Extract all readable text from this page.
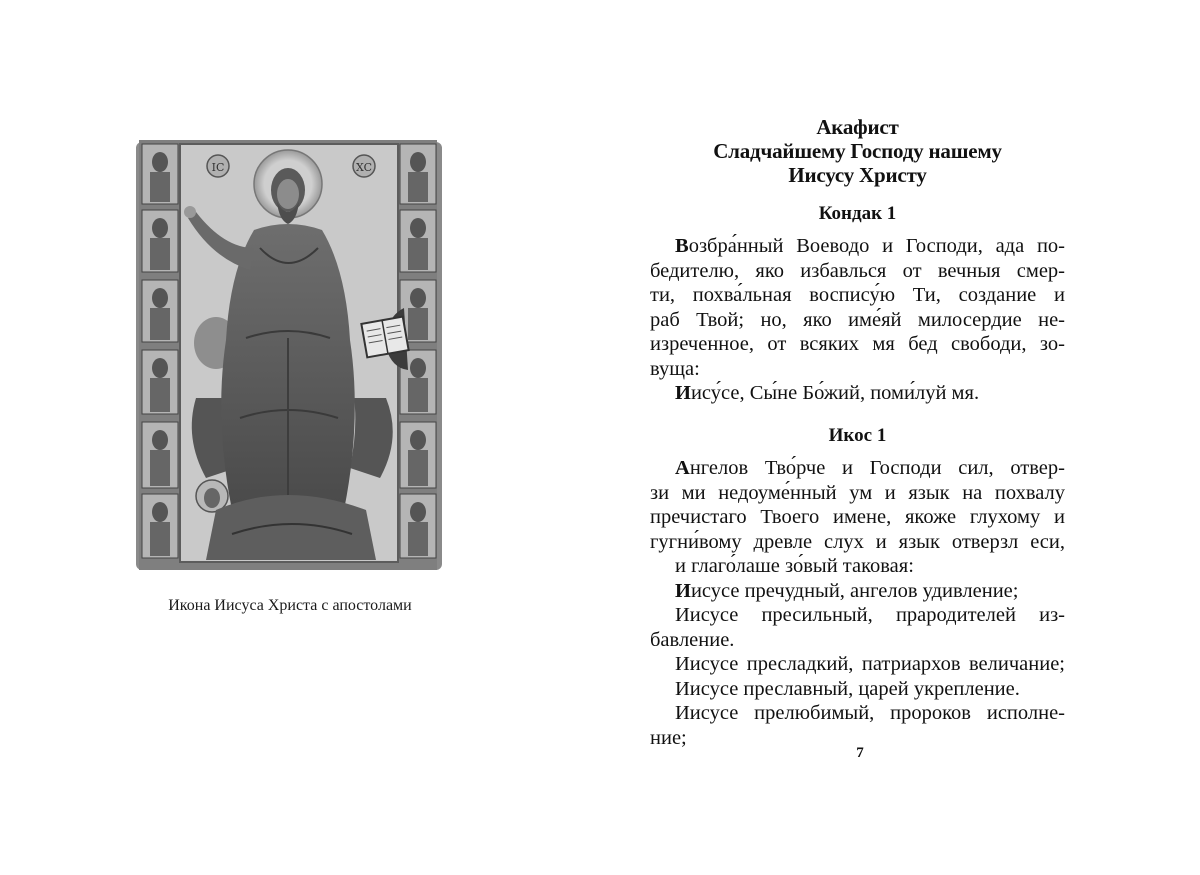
IC	XC
Икона Иисуса Христа с апостолами
Акафист
Сладчайшему Господу нашему
Иисусу Христу
Кондак 1
Возбра́нный Воеводо и Господи, ада по-
бедителю, яко избавлься от вечныя смер-
ти, похва́льная воспису́ю Ти, создание и
раб Твой; но, яко име́яй милосердие не-
изреченное, от всяких мя бед свободи, зо-
вуща:
Иису́се, Сы́не Бо́жий, поми́луй мя.
Икос 1
Ангелов Тво́рче и Господи сил, отвер-
зи ми недоуме́нный ум и язык на похвалу
пречистаго Твоего имене, якоже глухому и
гугни́вому древле слух и язык отверзл еси,
и глаго́лаше зо́вый таковая:
Иисусе пречудный, ангелов удивление;
Иисусе пресильный, прародителей из-
бавление.
Иисусе пресладкий, патриархов величание;
Иисусе преславный, царей укрепление.
Иисусе прелюбимый, пророков исполне-
ние;
7
